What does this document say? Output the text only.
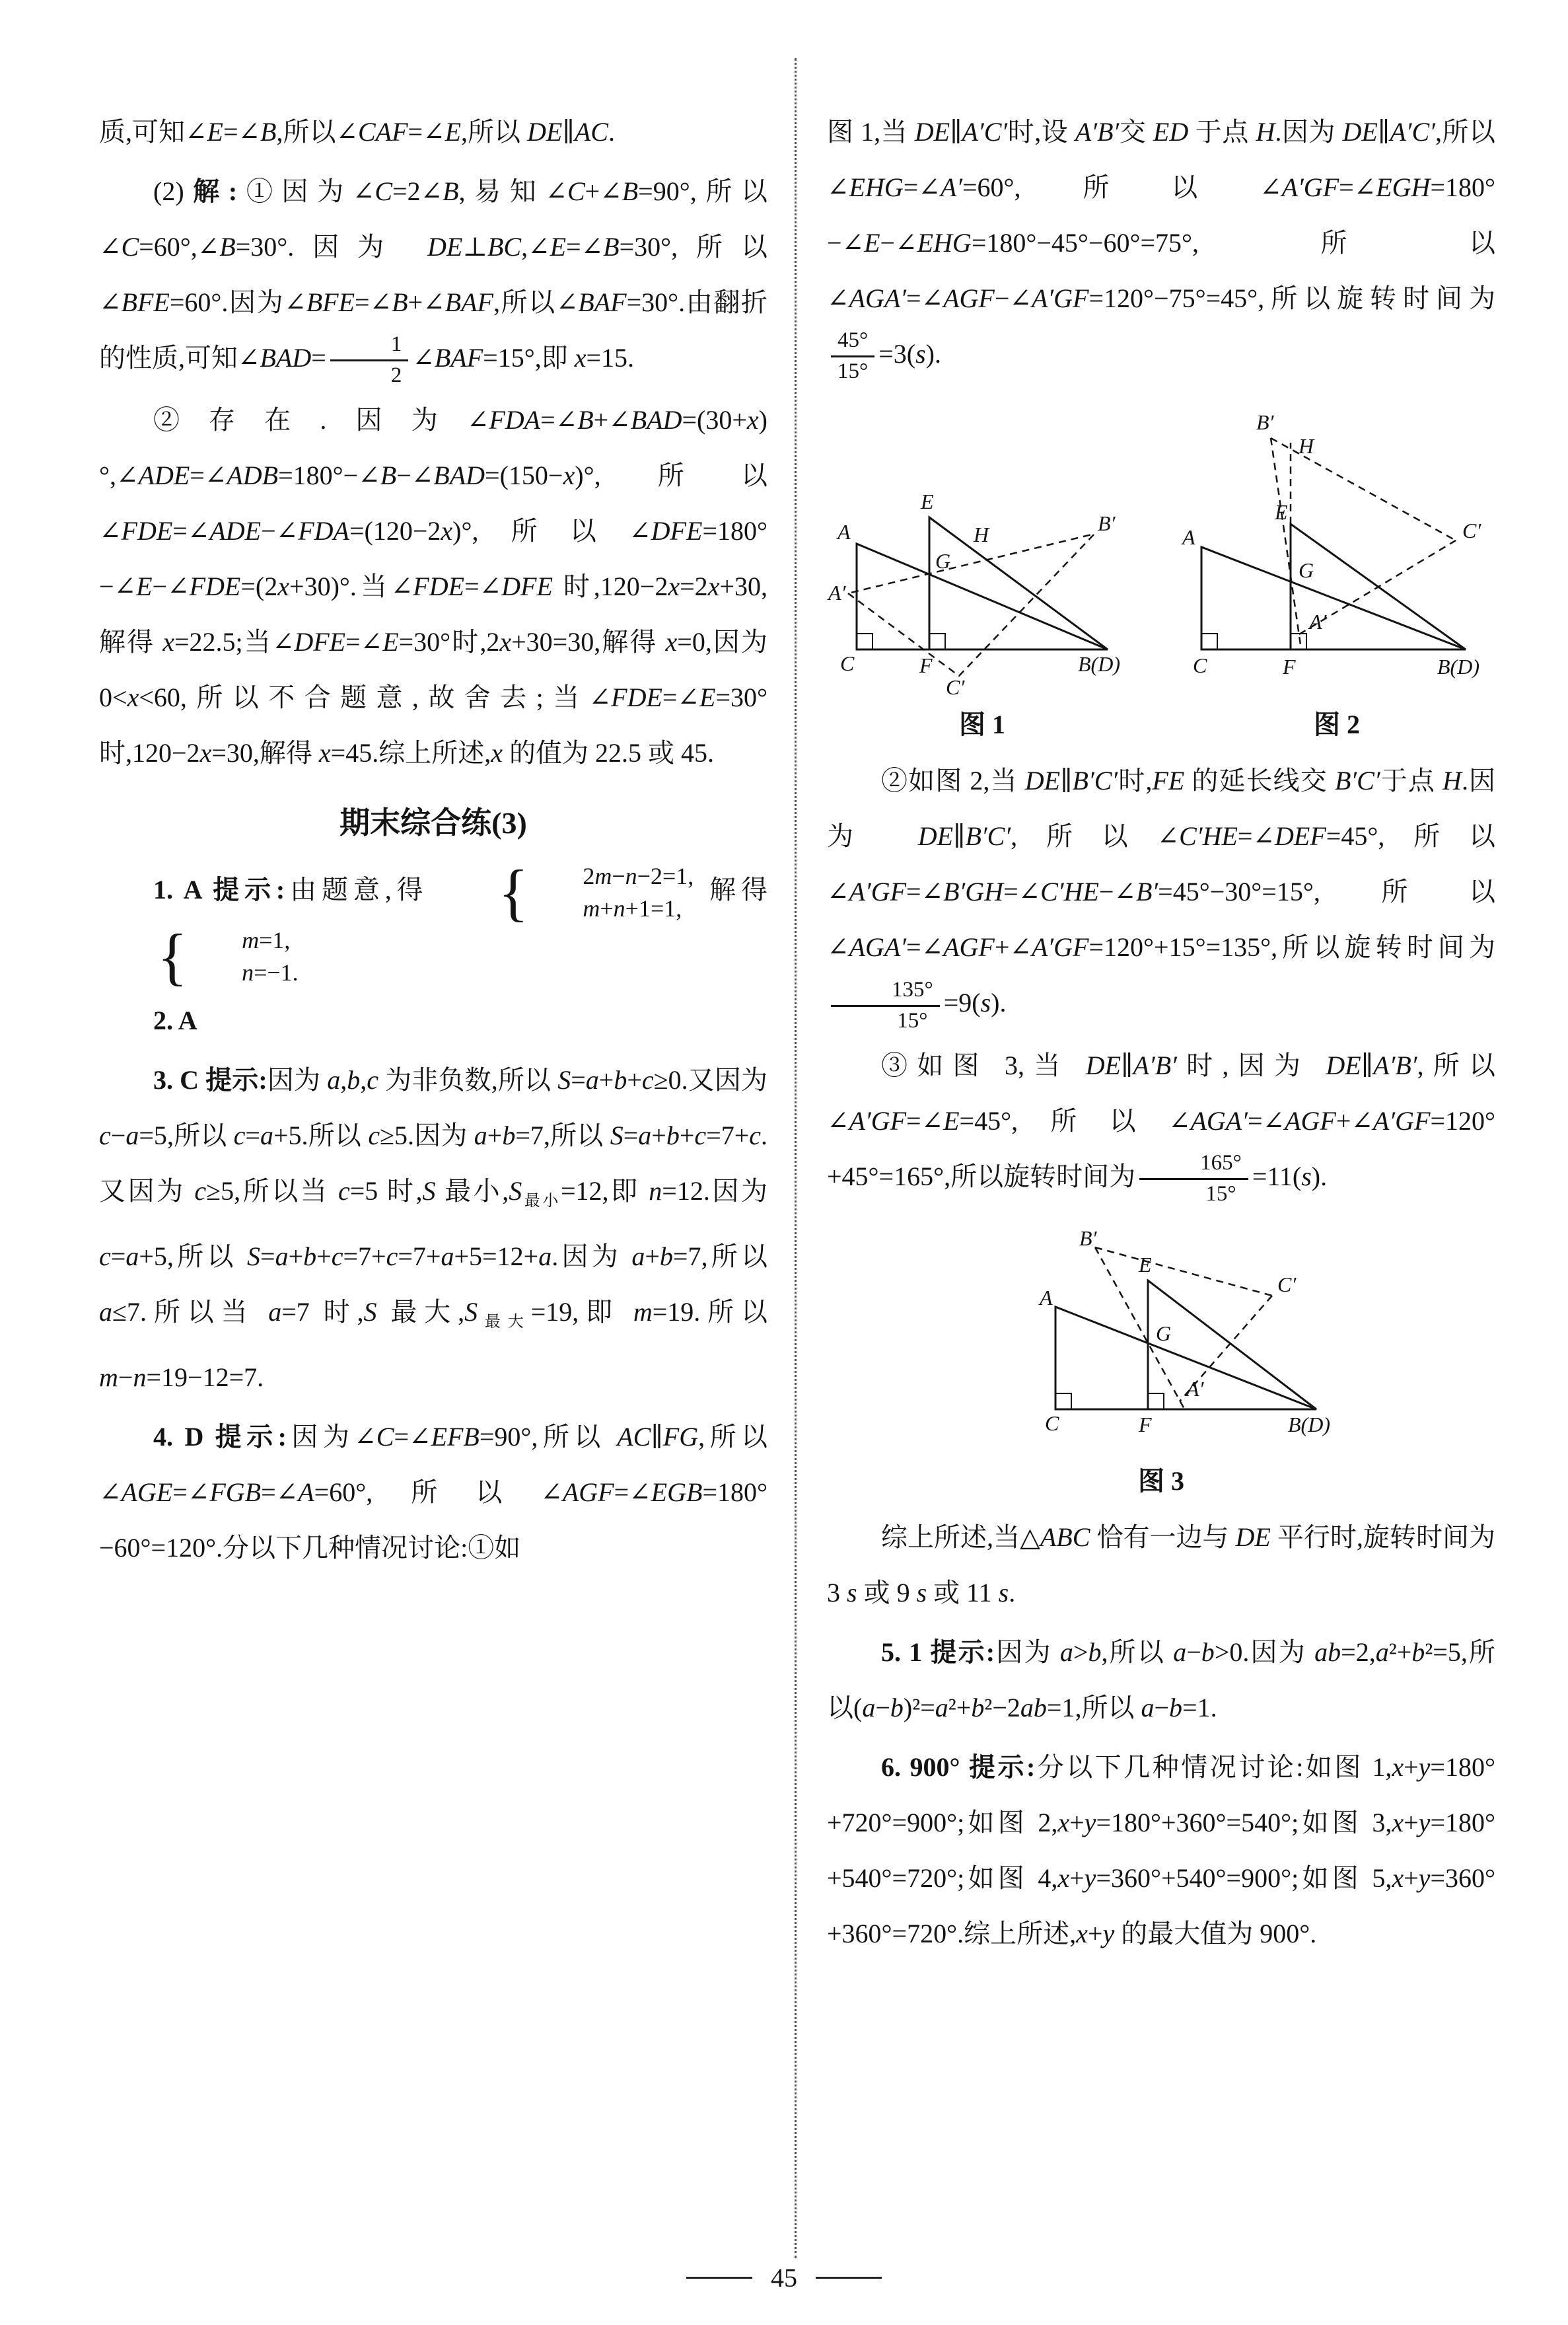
质,可知∠E=∠B,所以∠CAF=∠E,所以 DE∥AC.

(2)解:①因为∠C=2∠B,易知∠C+∠B=90°,所以∠C=60°,∠B=30°.因为 DE⊥BC,∠E=∠B=30°,所以∠BFE=60°.因为∠BFE=∠B+∠BAF,所以∠BAF=30°.由翻折的性质,可知∠BAD= $\frac{1}{2}$ ∠BAF=15°,即 x=15.

②存在.因为∠FDA=∠B+∠BAD=(30+x)°,∠ADE=∠ADB=180°−∠B−∠BAD=(150−x)°,所以∠FDE=∠ADE−∠FDA=(120−2x)°,所以∠DFE=180°−∠E−∠FDE=(2x+30)°.当∠FDE=∠DFE 时,120−2x=2x+30,解得 x=22.5;当∠DFE=∠E=30°时,2x+30=30,解得 x=0,因为 0<x<60,所以不合题意,故舍去;当∠FDE=∠E=30°时,120−2x=30,解得 x=45.综上所述,x 的值为 22.5 或 45.

期末综合练(3)

1. A 提示:由题意,得 {	2m−n−2=1,
m+n+1=1,
解得
{	m=1,
n=−1.

2. A

3. C 提示:因为 a,b,c 为非负数,所以 S=a+b+c≥0.又因为 c−a=5,所以 c=a+5.所以 c≥5.因为 a+b=7,所以 S=a+b+c=7+c.又因为 c≥5,所以当 c=5 时,S 最小$,S_{最小}=12$,即 n=12.因为 c=a+5,所以 S=a+b+c=7+c=7+a+5=12+a.因为 a+b=7,所以 a≤7.所以当 a=7 时,S 最大$,S_{最大}=19$,即 m=19.所以 m−n=19−12=7.

4. D 提示:因为∠C=∠EFB=90°,所以 AC∥FG,所以∠AGE=∠FGB=∠A=60°,所以∠AGF=∠EGB=180°−60°=120°.分以下几种情况讨论:①如

图 1,当 DE∥A′C′时,设 A′B′交 ED 于点 H.因为 DE∥A′C′,所以∠EHG=∠A′=60°,所以∠A′GF=∠EGH=180°−∠E−∠EHG=180°−45°−60°=75°,所以∠AGA′=∠AGF−∠A′GF=120°−75°=45°,所以旋转时间为
$\frac{45^\circ}{15^\circ} =3(s)$.

A
E
G
H	B′
A′
C	F
C′
B(D)
图 1
B′
H
E
G
C′
A
A′
C	F	B(D)
图 2

②如图 2,当 DE∥B′C′时,FE 的延长线交 B′C′于点 H.因为 DE∥B′C′,所以∠C′HE=∠DEF=45°,所以∠A′GF=∠B′GH=∠C′HE−∠B′=45°−30°=15°,所以∠AGA′=∠AGF+∠A′GF=120°+15°=135°,所以旋转时间为
$\frac{135^\circ}{15^\circ} =9(s)$.

③如图 3,当 DE∥A′B′时,因为 DE∥A′B′,所以∠A′GF=∠E=45°,所以∠AGA′=∠AGF+∠A′GF=120°+45°=165°,所以旋转时间为 $\frac{165^\circ}{15^\circ} =11(s)$.

B′
E
A
G
C′
A′
C	F	B(D)
图 3

综上所述,当△ABC 恰有一边与 DE 平行时,旋转时间为 3 s 或 9 s 或 11 s.

5. 1 提示:因为 a>b,所以 a−b>0.因为 ab=2,a²+b²=5,所以(a−b)²=a²+b²−2ab=1,所以 a−b=1.

6. 900° 提示:分以下几种情况讨论:如图 1,x+y=180°+720°=900°;如图 2,x+y=180°+360°=540°;如图 3,x+y=180°+540°=720°;如图 4,x+y=360°+540°=900°;如图 5,x+y=360°+360°=720°.综上所述,x+y 的最大值为 900°.

45
